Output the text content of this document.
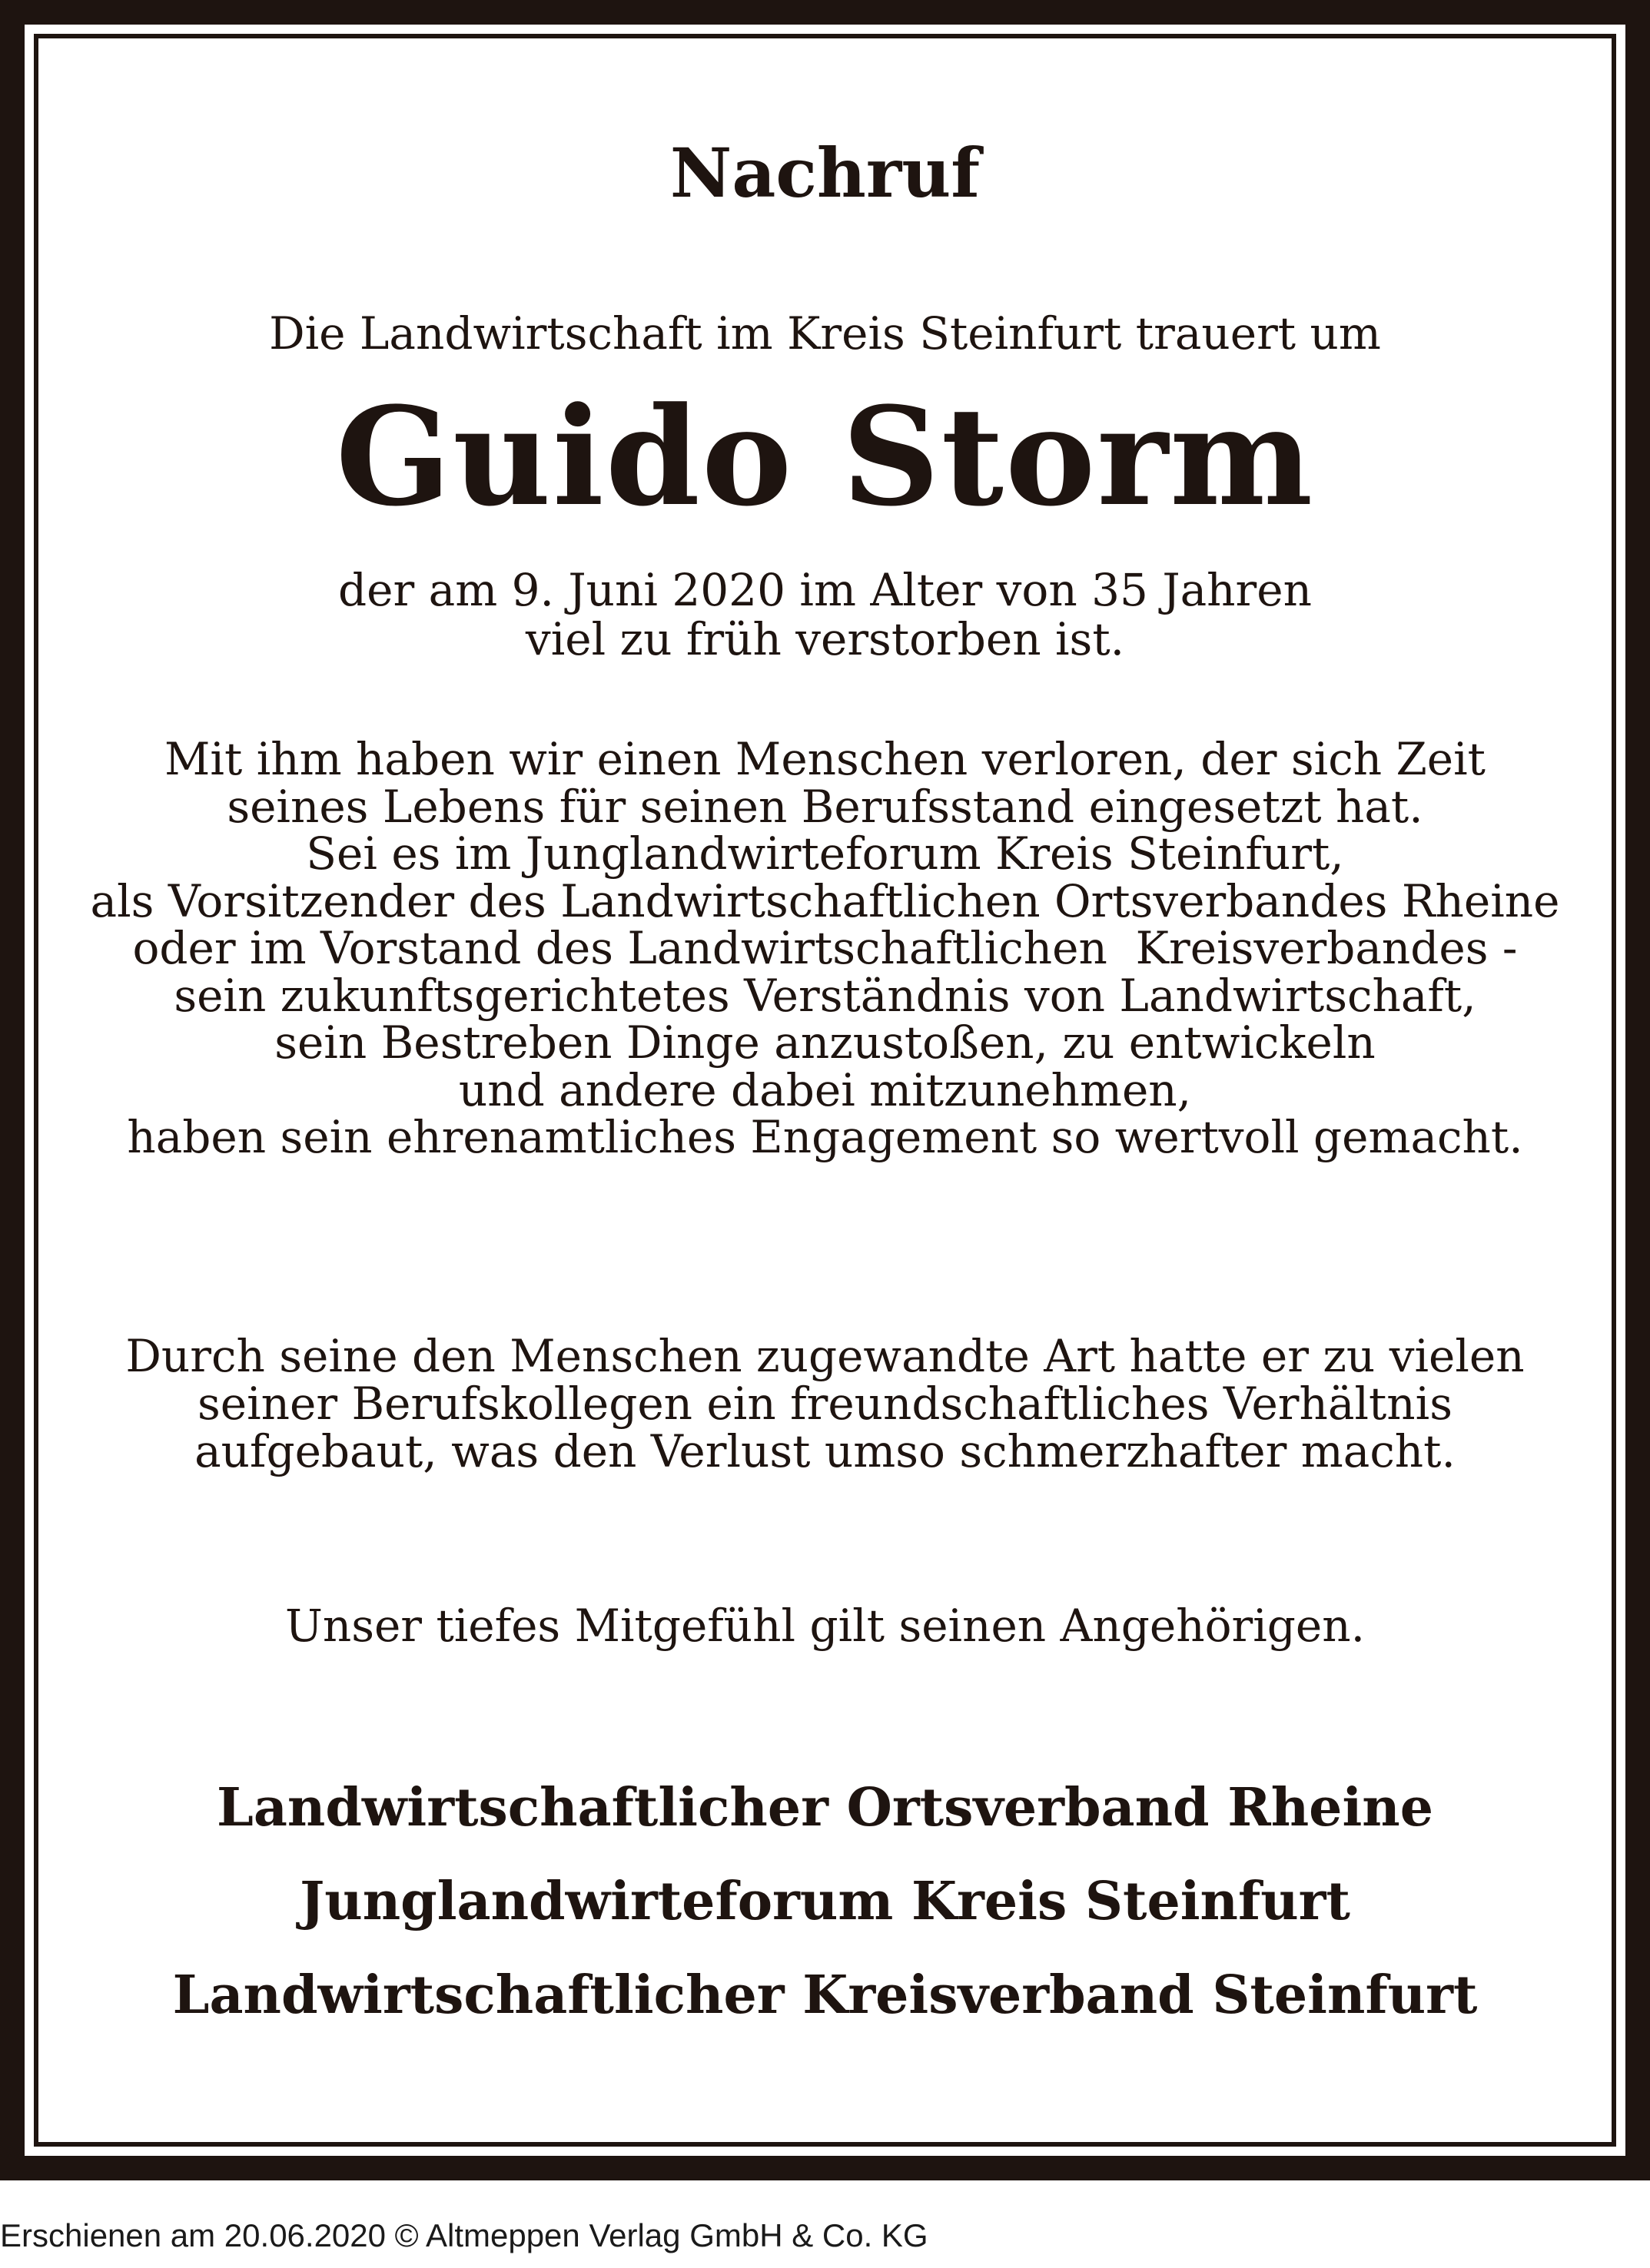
Nachruf
Die Landwirtschaft im Kreis Steinfurt trauert um
Guido Storm
der am 9. Juni 2020 im Alter von 35 Jahren
viel zu früh verstorben ist.
Mit ihm haben wir einen Menschen verloren, der sich Zeit
seines Lebens für seinen Berufsstand eingesetzt hat.
Sei es im Junglandwirteforum Kreis Steinfurt,
als Vorsitzender des Landwirtschaftlichen Ortsverbandes Rheine
oder im Vorstand des Landwirtschaftlichen  Kreisverbandes -
sein zukunftsgerichtetes Verständnis von Landwirtschaft,
sein Bestreben Dinge anzustoßen, zu entwickeln
und andere dabei mitzunehmen,
haben sein ehrenamtliches Engagement so wertvoll gemacht.
Durch seine den Menschen zugewandte Art hatte er zu vielen
seiner Berufskollegen ein freundschaftliches Verhältnis
aufgebaut, was den Verlust umso schmerzhafter macht.
Unser tiefes Mitgefühl gilt seinen Angehörigen.
Landwirtschaftlicher Ortsverband Rheine
Junglandwirteforum Kreis Steinfurt
Landwirtschaftlicher Kreisverband Steinfurt
Erschienen am 20.06.2020 © Altmeppen Verlag GmbH & Co. KG
